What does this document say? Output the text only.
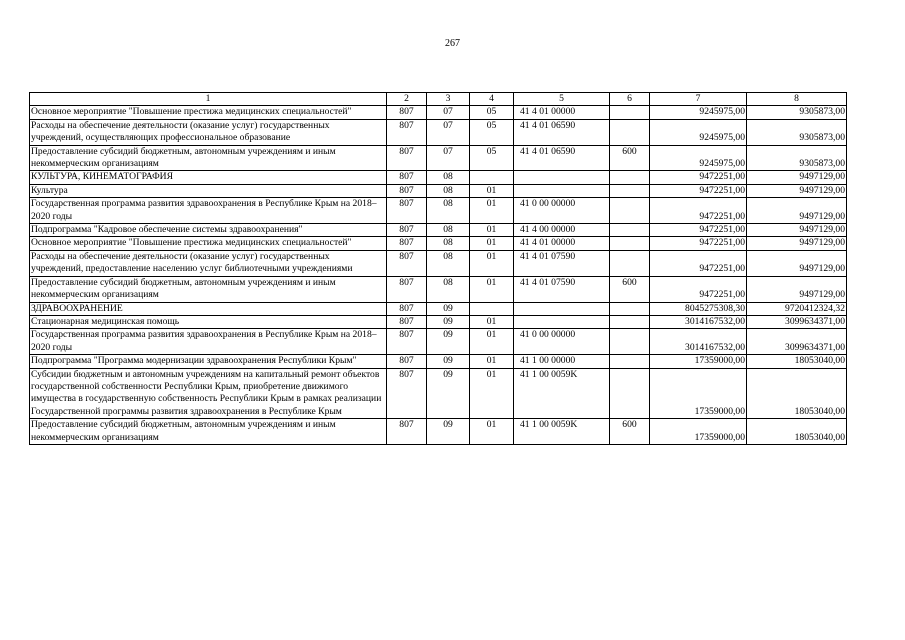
267
1	2	3	4	5	6	7	8
Основное мероприятие "Повышение престижа медицинских специальностей"	807	07	05	41 4 01 00000		9245975,00	9305873,00
Расходы на обеспечение деятельности (оказание услуг) государственных учреждений, осуществляющих профессиональное образование	807	07	05	41 4 01 06590		9245975,00	9305873,00
Предоставление субсидий бюджетным, автономным учреждениям и иным некоммерческим организациям	807	07	05	41 4 01 06590	600	9245975,00	9305873,00
КУЛЬТУРА, КИНЕМАТОГРАФИЯ	807	08				9472251,00	9497129,00
Культура	807	08	01			9472251,00	9497129,00
Государственная программа развития здравоохранения в Республике Крым на 2018–2020 годы	807	08	01	41 0 00 00000		9472251,00	9497129,00
Подпрограмма "Кадровое обеспечение системы здравоохранения"	807	08	01	41 4 00 00000		9472251,00	9497129,00
Основное мероприятие "Повышение престижа медицинских специальностей"	807	08	01	41 4 01 00000		9472251,00	9497129,00
Расходы на обеспечение деятельности (оказание услуг) государственных учреждений, предоставление населению услуг библиотечными учреждениями	807	08	01	41 4 01 07590		9472251,00	9497129,00
Предоставление субсидий бюджетным, автономным учреждениям и иным некоммерческим организациям	807	08	01	41 4 01 07590	600	9472251,00	9497129,00
ЗДРАВООХРАНЕНИЕ	807	09				8045275308,30	9720412324,32
Стационарная медицинская помощь	807	09	01			3014167532,00	3099634371,00
Государственная программа развития здравоохранения в Республике Крым на 2018–2020 годы	807	09	01	41 0 00 00000		3014167532,00	3099634371,00
Подпрограмма "Программа модернизации здравоохранения Республики Крым"	807	09	01	41 1 00 00000		17359000,00	18053040,00
Субсидии бюджетным и автономным учреждениям на капитальный ремонт объектов государственной собственности Республики Крым, приобретение движимого имущества в государственную собственность Республики Крым в рамках реализации Государственной программы развития здравоохранения в Республике Крым	807	09	01	41 1 00 0059K		17359000,00	18053040,00
Предоставление субсидий бюджетным, автономным учреждениям и иным некоммерческим организациям	807	09	01	41 1 00 0059K	600	17359000,00	18053040,00
